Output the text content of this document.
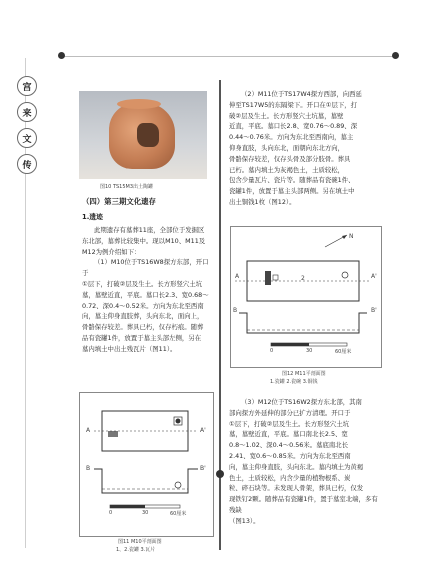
宫
来
文
传
图10 TS15M3出土陶罐
（四）第三期文化遗存
1.遗迹

此期遗存有墓葬11座，全部位于发掘区

东北部，墓葬比较集中。现以M10、M11及M12为例介绍如下：

（1）M10位于TS16W8探方东部，开口于

①层下，打破②层及生土。长方形竖穴土坑

墓，墓壁近直，平底。墓口长2.3、宽0.68～

0.72、深0.4～0.52米。方向为东北至西南

向，墓主仰身直肢葬，头向东北，面向上，

骨骼保存较差。葬具已朽，仅存朽痕。随葬

品有瓷罐1件，放置于墓主头部左侧，另在

墓内填土中出土残瓦片（图11）。

A	A'
B	B'
0	30	60厘米
图11 M10平剖面图
1、2.瓷罐 3.瓦片

（2）M11位于TS17W4探方西部，向西延

伸至TS17W5的东隔梁下。开口在①层下，打

破②层及生土。长方形竖穴土坑墓，墓壁

近直，平底。墓口长2.8、宽0.76～0.89、深

0.44～0.76米。方向为东北至西南向，墓主

仰身直肢，头向东北，面朝向东北方向，

骨骼保存较差，仅存头骨及部分肢骨。葬具

已朽。墓内填土为灰褐色土，土质较松，

包含少量瓦片、瓷片等。随葬品有瓷碗1件、

瓷罐1件，放置于墓主头部两侧。另在填土中

出土铜钱1枚（图12）。

N
2
A	A'
B	B'
0	30	60厘米
图12 M11平剖面图
1.瓷罐 2.瓷碗 3.铜钱

（3）M12位于TS16W2探方东北部，其南

部向探方外延伸的部分已扩方清理。开口于

①层下，打破②层及生土。长方形竖穴土坑

墓，墓壁近直，平底。墓口南北长2.5、宽

0.8～1.02、深0.4～0.56米。墓底南北长

2.41、宽0.6～0.85米。方向为东北至西南

向，墓主仰身直肢，头向东北。墓内填土为黄褐

色土，土质较松，内含少量的植物根系、炭

粒、碎石块等。未发现人骨架，葬具已朽，仅发

现铁钉2颗。随葬品有瓷罐1件，置于墓室北端，多有残缺

（图13）。
